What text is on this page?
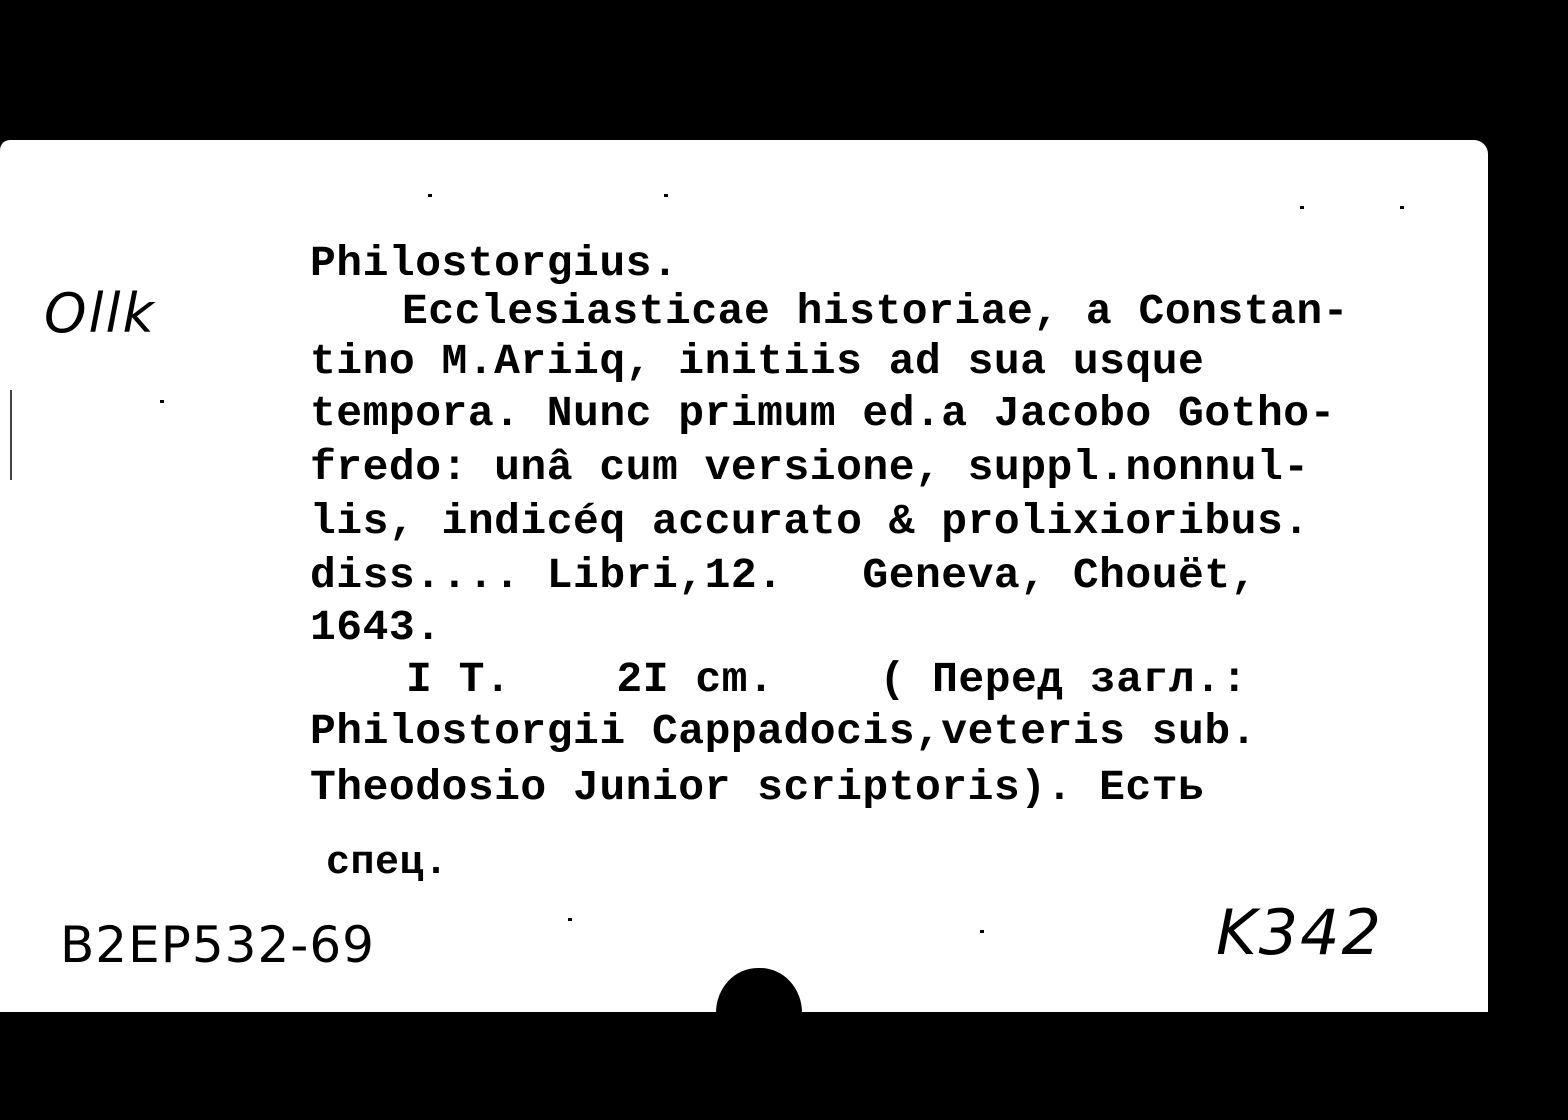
Ollk
Philostorgius.
Ecclesiasticae historiae, a Constan-
tino M.Ariiq, initiis ad sua usque
tempora. Nunc primum ed.a Jacobo Gotho-
fredo: unâ cum versione, suppl.nonnul-
lis, indicéq accurato & prolixioribus.
diss.... Libri,12.   Geneva, Chouët,
1643.
I T.    2I cm.    ( Перед загл.:
Philostorgii Cappadocis,veteris sub.
Theodosio Junior scriptoris). Есть
спец.
B2EP532-69	K342
